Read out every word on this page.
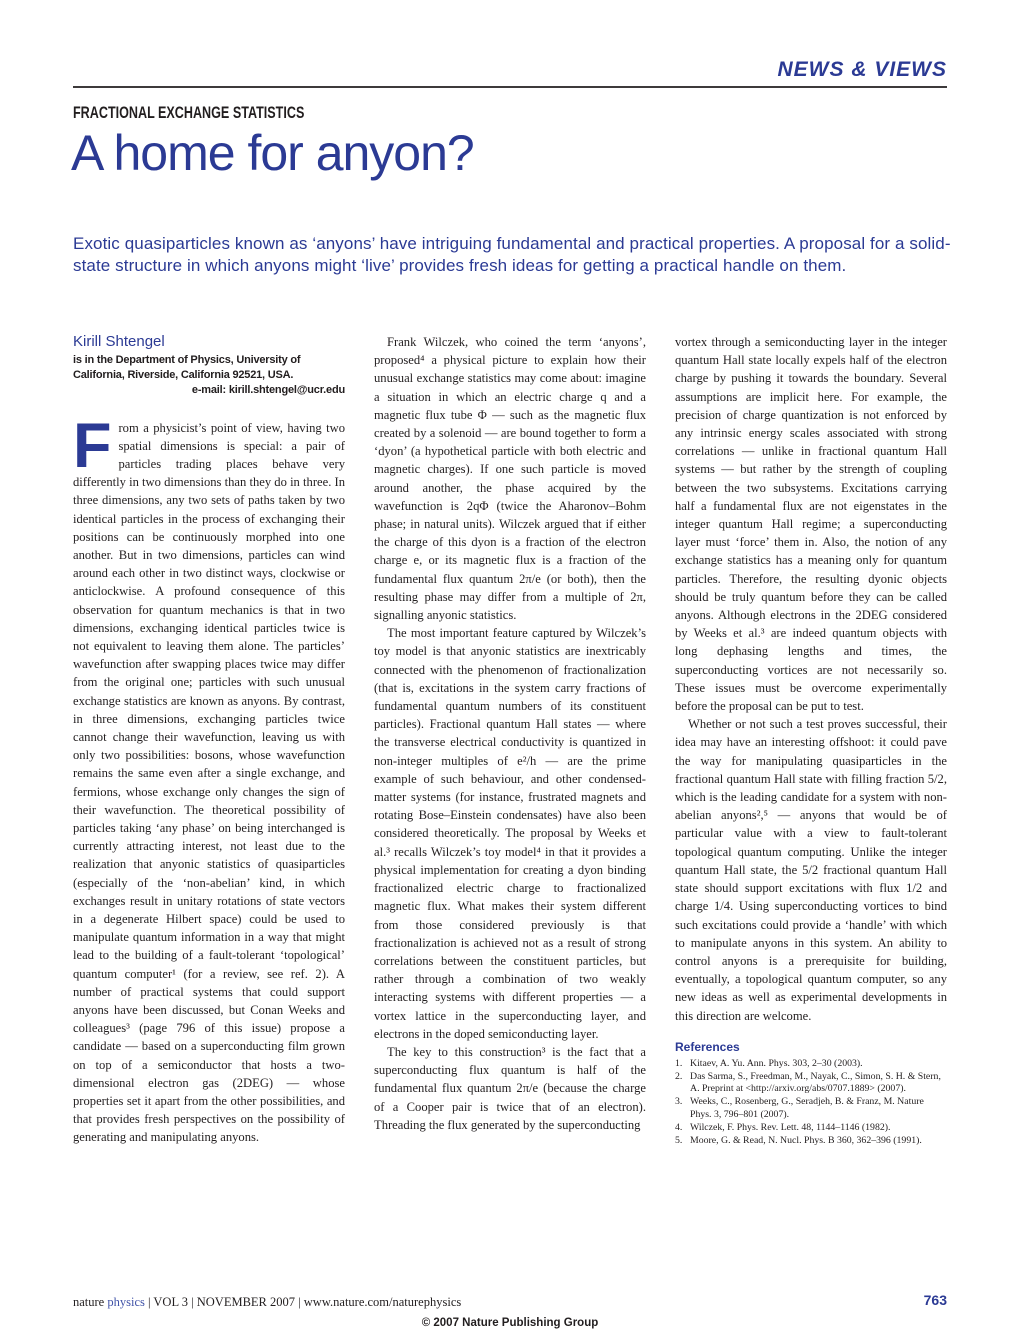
NEWS & VIEWS
FRACTIONAL EXCHANGE STATISTICS
A home for anyon?

Exotic quasiparticles known as ‘anyons’ have intriguing fundamental and practical properties. A proposal for a solid-state structure in which anyons might ‘live’ provides fresh ideas for getting a practical handle on them.

Kirill Shtengel

is in the Department of Physics, University of California, Riverside, California 92521, USA.

e-mail: kirill.shtengel@ucr.edu

From a physicist’s point of view, having two spatial dimensions is special: a pair of particles trading places behave very differently in two dimensions than they do in three. In three dimensions, any two sets of paths taken by two identical particles in the process of exchanging their positions can be continuously morphed into one another. But in two dimensions, particles can wind around each other in two distinct ways, clockwise or anticlockwise. A profound consequence of this observation for quantum mechanics is that in two dimensions, exchanging identical particles twice is not equivalent to leaving them alone. The particles’ wavefunction after swapping places twice may differ from the original one; particles with such unusual exchange statistics are known as anyons. By contrast, in three dimensions, exchanging particles twice cannot change their wavefunction, leaving us with only two possibilities: bosons, whose wavefunction remains the same even after a single exchange, and fermions, whose exchange only changes the sign of their wavefunction. The theoretical possibility of particles taking ‘any phase’ on being interchanged is currently attracting interest, not least due to the realization that anyonic statistics of quasiparticles (especially of the ‘non-abelian’ kind, in which exchanges result in unitary rotations of state vectors in a degenerate Hilbert space) could be used to manipulate quantum information in a way that might lead to the building of a fault-tolerant ‘topological’ quantum computer¹ (for a review, see ref. 2). A number of practical systems that could support anyons have been discussed, but Conan Weeks and colleagues³ (page 796 of this issue) propose a candidate — based on a superconducting film grown on top of a semiconductor that hosts a two-dimensional electron gas (2DEG) — whose properties set it apart from the other possibilities, and that provides fresh perspectives on the possibility of generating and manipulating anyons.

Frank Wilczek, who coined the term ‘anyons’, proposed⁴ a physical picture to explain how their unusual exchange statistics may come about: imagine a situation in which an electric charge q and a magnetic flux tube Φ — such as the magnetic flux created by a solenoid — are bound together to form a ‘dyon’ (a hypothetical particle with both electric and magnetic charges). If one such particle is moved around another, the phase acquired by the wavefunction is 2qΦ (twice the Aharonov–Bohm phase; in natural units). Wilczek argued that if either the charge of this dyon is a fraction of the electron charge e, or its magnetic flux is a fraction of the fundamental flux quantum 2π/e (or both), then the resulting phase may differ from a multiple of 2π, signalling anyonic statistics.

The most important feature captured by Wilczek’s toy model is that anyonic statistics are inextricably connected with the phenomenon of fractionalization (that is, excitations in the system carry fractions of fundamental quantum numbers of its constituent particles). Fractional quantum Hall states — where the transverse electrical conductivity is quantized in non-integer multiples of e²/h — are the prime example of such behaviour, and other condensed-matter systems (for instance, frustrated magnets and rotating Bose–Einstein condensates) have also been considered theoretically. The proposal by Weeks et al.³ recalls Wilczek’s toy model⁴ in that it provides a physical implementation for creating a dyon binding fractionalized electric charge to fractionalized magnetic flux. What makes their system different from those considered previously is that fractionalization is achieved not as a result of strong correlations between the constituent particles, but rather through a combination of two weakly interacting systems with different properties — a vortex lattice in the superconducting layer, and electrons in the doped semiconducting layer.

The key to this construction³ is the fact that a superconducting flux quantum is half of the fundamental flux quantum 2π/e (because the charge of a Cooper pair is twice that of an electron). Threading the flux generated by the superconducting

vortex through a semiconducting layer in the integer quantum Hall state locally expels half of the electron charge by pushing it towards the boundary. Several assumptions are implicit here. For example, the precision of charge quantization is not enforced by any intrinsic energy scales associated with strong correlations — unlike in fractional quantum Hall systems — but rather by the strength of coupling between the two subsystems. Excitations carrying half a fundamental flux are not eigenstates in the integer quantum Hall regime; a superconducting layer must ‘force’ them in. Also, the notion of any exchange statistics has a meaning only for quantum particles. Therefore, the resulting dyonic objects should be truly quantum before they can be called anyons. Although electrons in the 2DEG considered by Weeks et al.³ are indeed quantum objects with long dephasing lengths and times, the superconducting vortices are not necessarily so. These issues must be overcome experimentally before the proposal can be put to test.

Whether or not such a test proves successful, their idea may have an interesting offshoot: it could pave the way for manipulating quasiparticles in the fractional quantum Hall state with filling fraction 5/2, which is the leading candidate for a system with non-abelian anyons²,⁵ — anyons that would be of particular value with a view to fault-tolerant topological quantum computing. Unlike the integer quantum Hall state, the 5/2 fractional quantum Hall state should support excitations with flux 1/2 and charge 1/4. Using superconducting vortices to bind such excitations could provide a ‘handle’ with which to manipulate anyons in this system. An ability to control anyons is a prerequisite for building, eventually, a topological quantum computer, so any new ideas as well as experimental developments in this direction are welcome.

References

1. Kitaev, A. Yu. Ann. Phys. 303, 2–30 (2003).
2. Das Sarma, S., Freedman, M., Nayak, C., Simon, S. H. & Stern, A. Preprint at <http://arxiv.org/abs/0707.1889> (2007).
3. Weeks, C., Rosenberg, G., Seradjeh, B. & Franz, M. Nature Phys. 3, 796–801 (2007).
4. Wilczek, F. Phys. Rev. Lett. 48, 1144–1146 (1982).
5. Moore, G. & Read, N. Nucl. Phys. B 360, 362–396 (1991).
nature physics | VOL 3 | NOVEMBER 2007 | www.nature.com/naturephysics	763
© 2007 Nature Publishing Group
